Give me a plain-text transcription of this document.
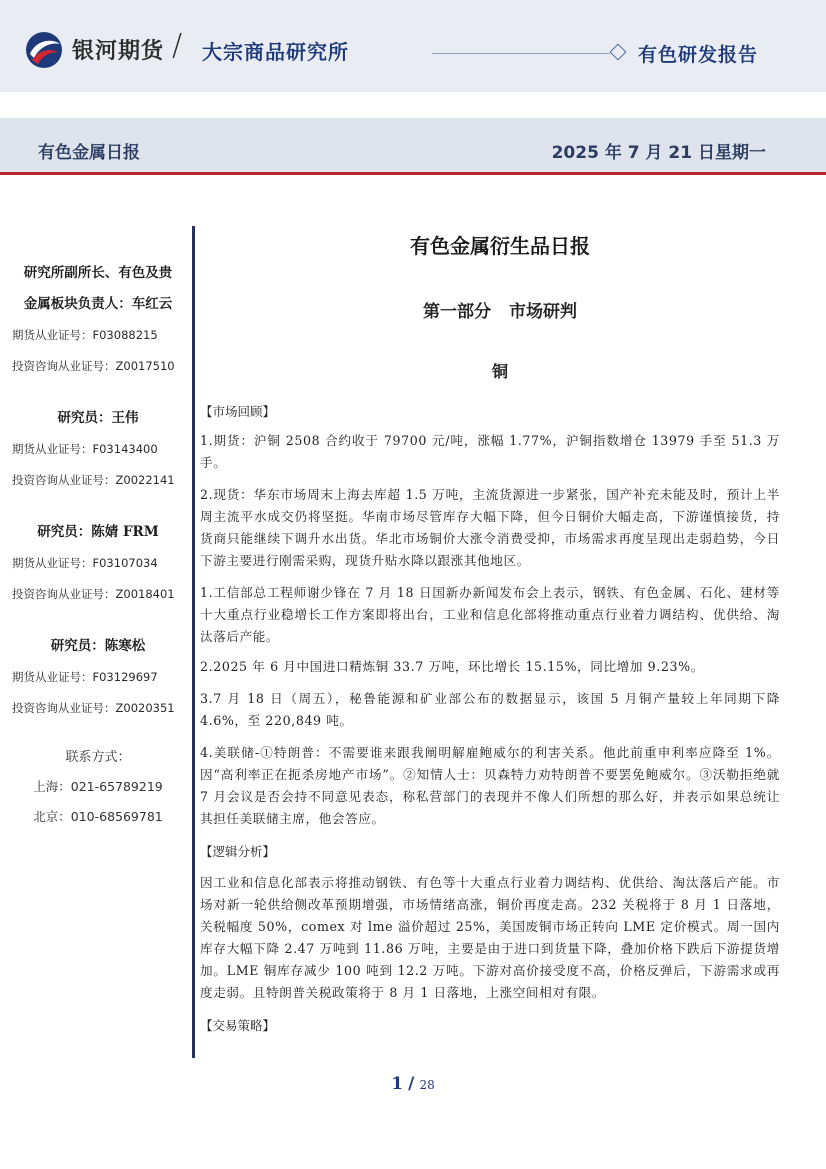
银河期货 / 大宗商品研究所	有色研发报告
有色金属日报	2025 年 7 月 21 日星期一
研究所副所长、有色及贵
金属板块负责人：车红云
期货从业证号：F03088215
投资咨询从业证号：Z0017510
研究员：王伟
期货从业证号：F03143400
投资咨询从业证号：Z0022141
研究员：陈婧 FRM
期货从业证号：F03107034
投资咨询从业证号：Z0018401
研究员：陈寒松
期货从业证号：F03129697
投资咨询从业证号：Z0020351
联系方式：
上海：021-65789219
北京：010-68569781
有色金属衍生品日报
第一部分 市场研判
铜
【市场回顾】
1.期货：沪铜 2508 合约收于 79700 元/吨，涨幅 1.77%，沪铜指数增仓 13979 手至 51.3 万手。
2.现货：华东市场周末上海去库超 1.5 万吨，主流货源进一步紧张，国产补充未能及时，预计上半周主流平水成交仍将坚挺。华南市场尽管库存大幅下降，但今日铜价大幅走高，下游谨慎接货，持货商只能继续下调升水出货。华北市场铜价大涨令消费受抑，市场需求再度呈现出走弱趋势，今日下游主要进行刚需采购，现货升贴水降以跟涨其他地区。
1.工信部总工程师谢少锋在 7 月 18 日国新办新闻发布会上表示，钢铁、有色金属、石化、建材等十大重点行业稳增长工作方案即将出台，工业和信息化部将推动重点行业着力调结构、优供给、淘汰落后产能。
2.2025 年 6 月中国进口精炼铜 33.7 万吨，环比增长 15.15%，同比增加 9.23%。
3.7 月 18 日（周五），秘鲁能源和矿业部公布的数据显示，该国 5 月铜产量较上年同期下降 4.6%，至 220,849 吨。
4.美联储-①特朗普：不需要谁来跟我阐明解雇鲍威尔的利害关系。他此前重申利率应降至 1%。因“高利率正在扼杀房地产市场”。②知情人士：贝森特力劝特朗普不要罢免鲍威尔。③沃勒拒绝就 7 月会议是否会持不同意见表态，称私营部门的表现并不像人们所想的那么好，并表示如果总统让其担任美联储主席，他会答应。
【逻辑分析】
因工业和信息化部表示将推动钢铁、有色等十大重点行业着力调结构、优供给、淘汰落后产能。市场对新一轮供给侧改革预期增强，市场情绪高涨，铜价再度走高。232 关税将于 8 月 1 日落地，关税幅度 50%，comex 对 lme 溢价超过 25%，美国废铜市场正转向 LME 定价模式。周一国内库存大幅下降 2.47 万吨到 11.86 万吨，主要是由于进口到货量下降，叠加价格下跌后下游提货增加。LME 铜库存减少 100 吨到 12.2 万吨。下游对高价接受度不高，价格反弹后，下游需求或再度走弱。且特朗普关税政策将于 8 月 1 日落地，上涨空间相对有限。
【交易策略】
1 / 28
